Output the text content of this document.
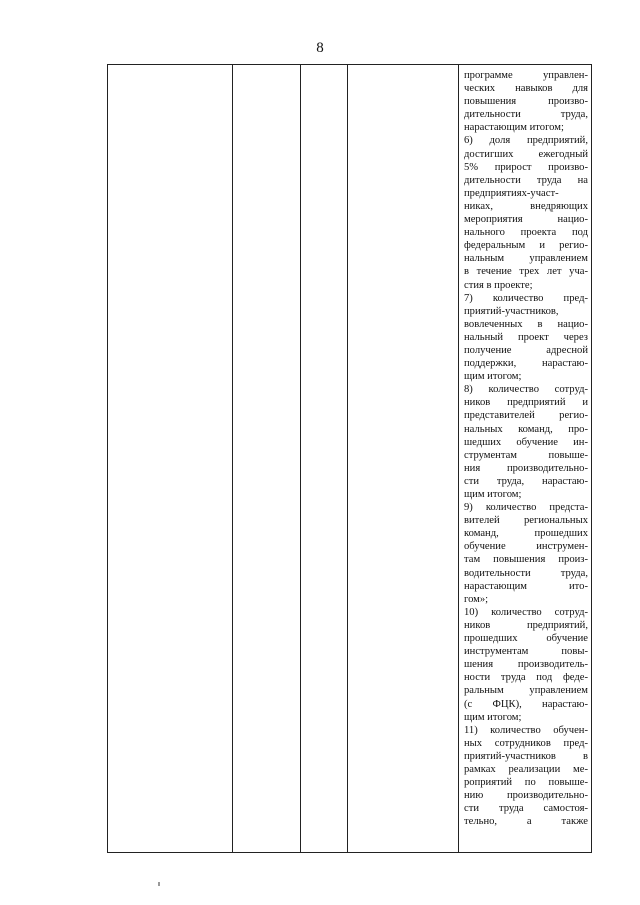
8
программе управлен-
ческих навыков для
повышения произво-
дительности труда,
нарастающим итогом;
6) доля предприятий,
достигших ежегодный
5% прирост произво-
дительности труда на
предприятиях-участ-
никах, внедряющих
мероприятия нацио-
нального проекта под
федеральным и регио-
нальным управлением
в течение трех лет уча-
стия в проекте;
7) количество пред-
приятий-участников,
вовлеченных в нацио-
нальный проект через
получение адресной
поддержки, нарастаю-
щим итогом;
8) количество сотруд-
ников предприятий и
представителей регио-
нальных команд, про-
шедших обучение ин-
струментам повыше-
ния производительно-
сти труда, нарастаю-
щим итогом;
9) количество предста-
вителей региональных
команд, прошедших
обучение инструмен-
там повышения произ-
водительности труда,
нарастающим ито-
гом»;
10) количество сотруд-
ников предприятий,
прошедших обучение
инструментам повы-
шения производитель-
ности труда под феде-
ральным управлением
(с ФЦК), нарастаю-
щим итогом;
11) количество обучен-
ных сотрудников пред-
приятий-участников в
рамках реализации ме-
роприятий по повыше-
нию производительно-
сти труда самостоя-
тельно, а также
